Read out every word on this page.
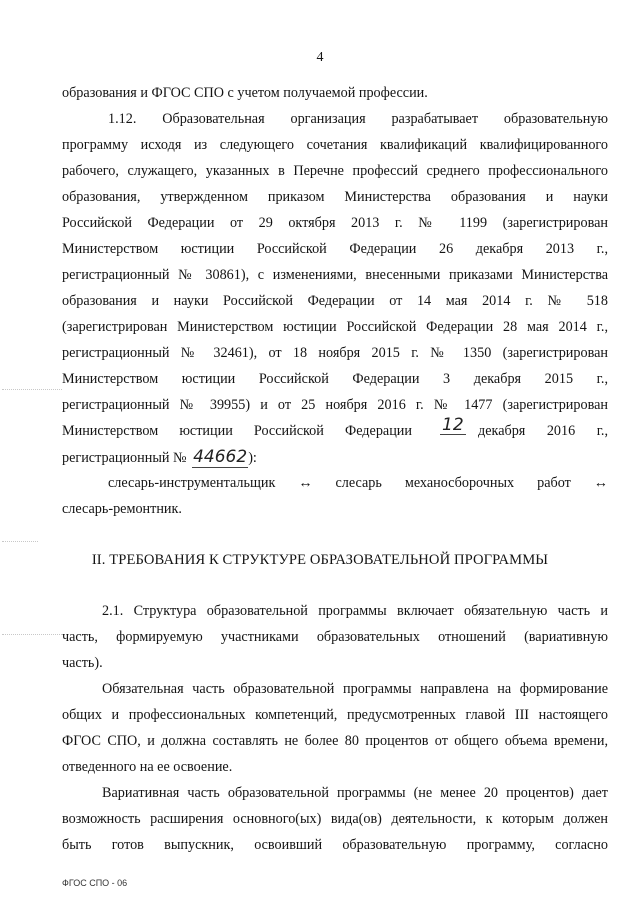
4
образования и ФГОС СПО с учетом получаемой профессии.
1.12. Образовательная организация разрабатывает образовательную
программу исходя из следующего сочетания квалификаций квалифицированного
рабочего, служащего, указанных в Перечне профессий среднего профессионального
образования, утвержденном приказом Министерства образования и науки
Российской Федерации от 29 октября 2013 г. № 1199 (зарегистрирован
Министерством юстиции Российской Федерации 26 декабря 2013 г.,
регистрационный № 30861), с изменениями, внесенными приказами Министерства
образования и науки Российской Федерации от 14 мая 2014 г. № 518
(зарегистрирован Министерством юстиции Российской Федерации 28 мая 2014 г.,
регистрационный № 32461), от 18 ноября 2015 г. № 1350 (зарегистрирован
Министерством юстиции Российской Федерации 3 декабря 2015 г.,
регистрационный № 39955) и от 25 ноября 2016 г. № 1477 (зарегистрирован
Министерством юстиции Российской Федерации 12 декабря 2016 г.,
регистрационный № 44662):
слесарь-инструментальщик ↔ слесарь механосборочных работ ↔
слесарь-ремонтник.
II. ТРЕБОВАНИЯ К СТРУКТУРЕ ОБРАЗОВАТЕЛЬНОЙ ПРОГРАММЫ
2.1. Структура образовательной программы включает обязательную часть и
часть, формируемую участниками образовательных отношений (вариативную
часть).
Обязательная часть образовательной программы направлена на формирование
общих и профессиональных компетенций, предусмотренных главой III настоящего
ФГОС СПО, и должна составлять не более 80 процентов от общего объема времени,
отведенного на ее освоение.
Вариативная часть образовательной программы (не менее 20 процентов) дает
возможность расширения основного(ых) вида(ов) деятельности, к которым должен
быть готов выпускник, освоивший образовательную программу, согласно
ФГОС СПО - 06
